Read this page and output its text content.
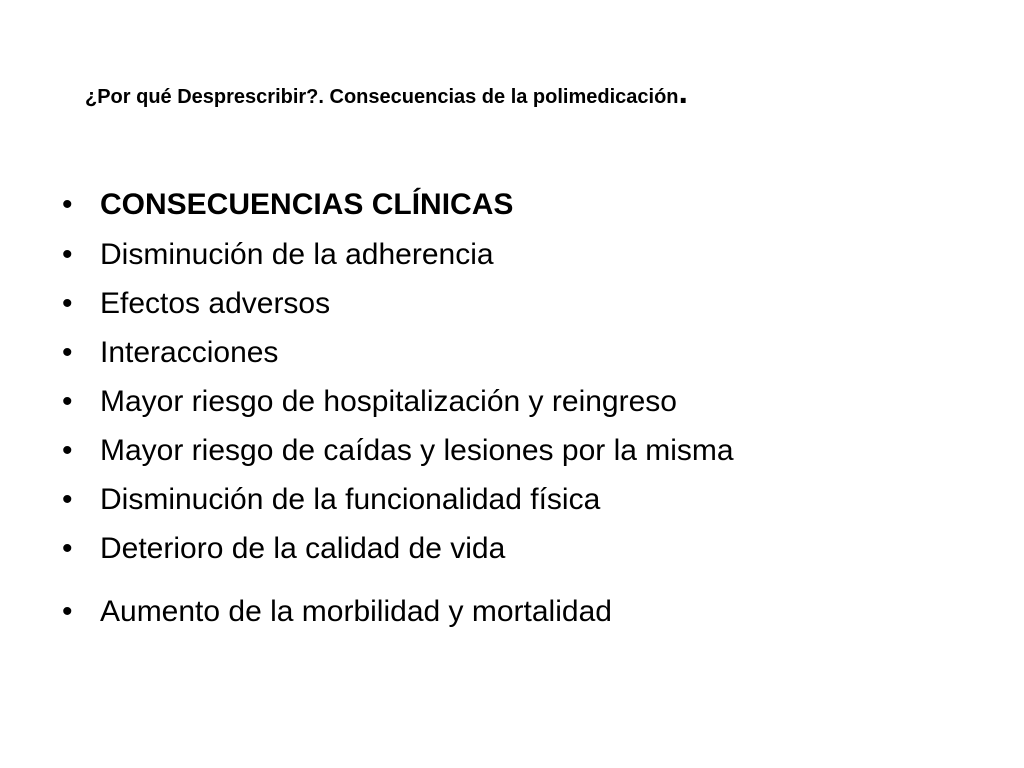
¿Por qué Desprescribir?. Consecuencias de la polimedicación.
• CONSECUENCIAS CLÍNICAS
• Disminución de la adherencia
• Efectos adversos
• Interacciones
• Mayor riesgo de hospitalización y reingreso
• Mayor riesgo de caídas y lesiones por la misma
• Disminución de la funcionalidad física
• Deterioro de la calidad de vida
• Aumento de la morbilidad y mortalidad
